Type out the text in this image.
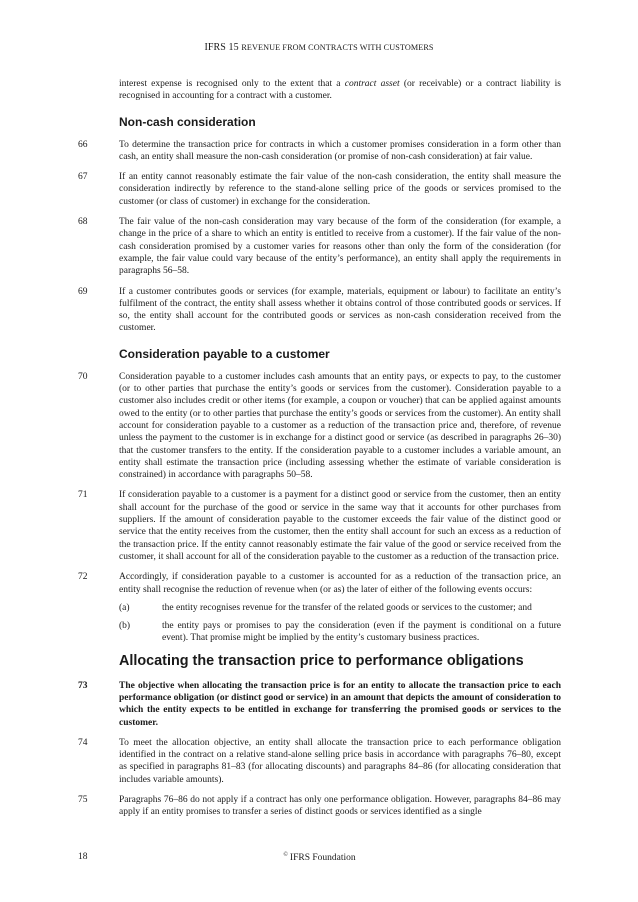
IFRS 15 REVENUE FROM CONTRACTS WITH CUSTOMERS

interest expense is recognised only to the extent that a contract asset (or receivable) or a contract liability is recognised in accounting for a contract with a customer.

Non-cash consideration
66	To determine the transaction price for contracts in which a customer promises consideration in a form other than cash, an entity shall measure the non-cash consideration (or promise of non-cash consideration) at fair value.

67	If an entity cannot reasonably estimate the fair value of the non-cash consideration, the entity shall measure the consideration indirectly by reference to the stand-alone selling price of the goods or services promised to the customer (or class of customer) in exchange for the consideration.

68	The fair value of the non-cash consideration may vary because of the form of the consideration (for example, a change in the price of a share to which an entity is entitled to receive from a customer). If the fair value of the non-cash consideration promised by a customer varies for reasons other than only the form of the consideration (for example, the fair value could vary because of the entity’s performance), an entity shall apply the requirements in paragraphs 56–58.

69	If a customer contributes goods or services (for example, materials, equipment or labour) to facilitate an entity’s fulfilment of the contract, the entity shall assess whether it obtains control of those contributed goods or services. If so, the entity shall account for the contributed goods or services as non-cash consideration received from the customer.

Consideration payable to a customer
70	Consideration payable to a customer includes cash amounts that an entity pays, or expects to pay, to the customer (or to other parties that purchase the entity’s goods or services from the customer). Consideration payable to a customer also includes credit or other items (for example, a coupon or voucher) that can be applied against amounts owed to the entity (or to other parties that purchase the entity’s goods or services from the customer). An entity shall account for consideration payable to a customer as a reduction of the transaction price and, therefore, of revenue unless the payment to the customer is in exchange for a distinct good or service (as described in paragraphs 26–30) that the customer transfers to the entity. If the consideration payable to a customer includes a variable amount, an entity shall estimate the transaction price (including assessing whether the estimate of variable consideration is constrained) in accordance with paragraphs 50–58.

71	If consideration payable to a customer is a payment for a distinct good or service from the customer, then an entity shall account for the purchase of the good or service in the same way that it accounts for other purchases from suppliers. If the amount of consideration payable to the customer exceeds the fair value of the distinct good or service that the entity receives from the customer, then the entity shall account for such an excess as a reduction of the transaction price. If the entity cannot reasonably estimate the fair value of the good or service received from the customer, it shall account for all of the consideration payable to the customer as a reduction of the transaction price.

72	Accordingly, if consideration payable to a customer is accounted for as a reduction of the transaction price, an entity shall recognise the reduction of revenue when (or as) the later of either of the following events occurs:

(a)	the entity recognises revenue for the transfer of the related goods or services to the customer; and

(b)	the entity pays or promises to pay the consideration (even if the payment is conditional on a future event). That promise might be implied by the entity’s customary business practices.

Allocating the transaction price to performance obligations
73	The objective when allocating the transaction price is for an entity to allocate the transaction price to each performance obligation (or distinct good or service) in an amount that depicts the amount of consideration to which the entity expects to be entitled in exchange for transferring the promised goods or services to the customer.

74	To meet the allocation objective, an entity shall allocate the transaction price to each performance obligation identified in the contract on a relative stand-alone selling price basis in accordance with paragraphs 76–80, except as specified in paragraphs 81–83 (for allocating discounts) and paragraphs 84–86 (for allocating consideration that includes variable amounts).

75	Paragraphs 76–86 do not apply if a contract has only one performance obligation. However, paragraphs 84–86 may apply if an entity promises to transfer a series of distinct goods or services identified as a single

18	© IFRS Foundation
